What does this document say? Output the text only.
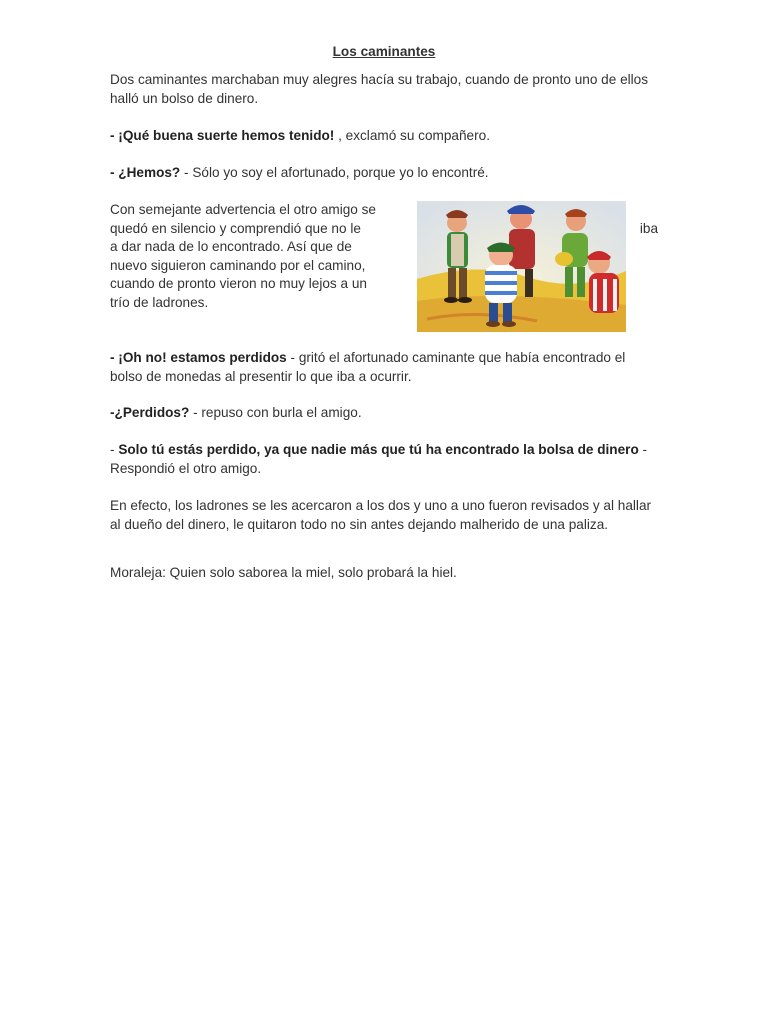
Los caminantes

Dos caminantes marchaban muy alegres hacía su trabajo, cuando de pronto uno de ellos halló un bolso de dinero.

- ¡Qué buena suerte hemos tenido! , exclamó su compañero.

- ¿Hemos? - Sólo yo soy el afortunado, porque yo lo encontré.

Con semejante advertencia el otro amigo se

quedó en silencio y comprendió que no le

a dar nada de lo encontrado. Así que de

nuevo siguieron caminando por el camino,

cuando de pronto vieron no muy lejos a un

trío de ladrones.

iba

- ¡Oh no! estamos perdidos - gritó el afortunado caminante que había encontrado el bolso de monedas al presentir lo que iba a ocurrir.

-¿Perdidos? - repuso con burla el amigo.

- Solo tú estás perdido, ya que nadie más que tú ha encontrado la bolsa de dinero - Respondió el otro amigo.

En efecto, los ladrones se les acercaron a los dos y uno a uno fueron revisados y al hallar al dueño del dinero, le quitaron todo no sin antes dejando malherido de una paliza.

Moraleja: Quien solo saborea la miel, solo probará la hiel.
